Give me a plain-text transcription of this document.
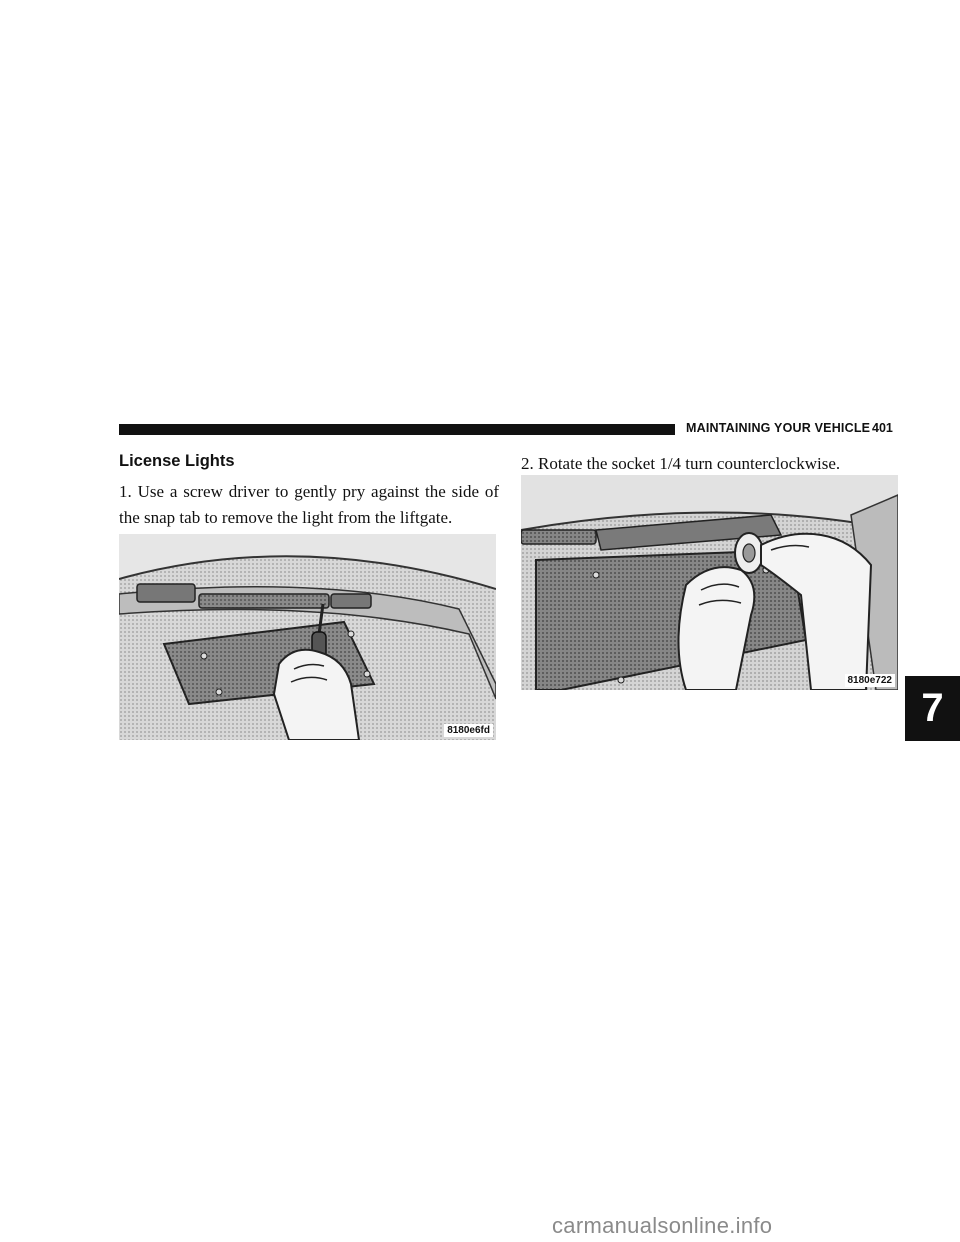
MAINTAINING YOUR VEHICLE 401
License Lights
1. Use a screw driver to gently pry against the side of the snap tab to remove the light from the liftgate.
2. Rotate the socket 1/4 turn counterclockwise.
8180e6fd
8180e722
7
carmanualsonline.info
